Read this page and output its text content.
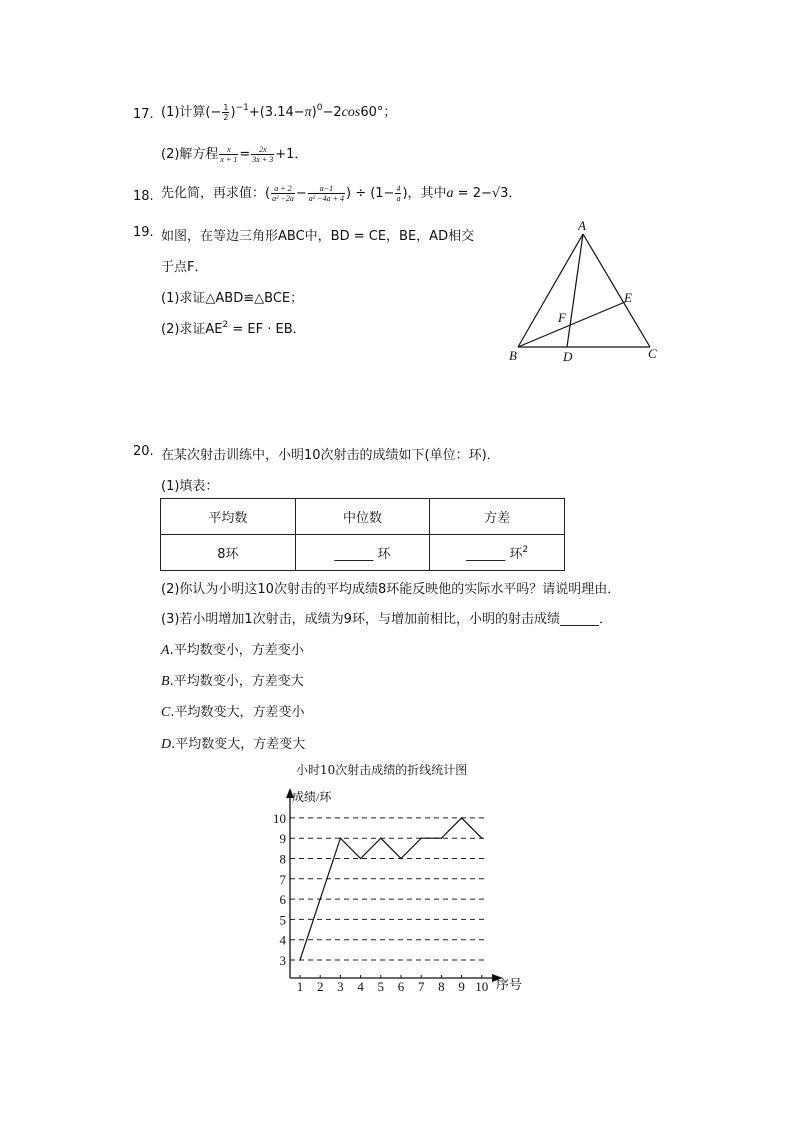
17. (1)计算(− $\frac{1}{2} )^{-1}+(3.14-\pi)^0-2\cos 60^\circ$；
(2)解方程 $\frac{x}{x + 1} = \frac{2x}{3x + 3} +1$．
18. 先化简，再求值：( $\frac{a + 2}{\text{a² −2a}} - \frac{a-1}{\text{a² −4a + 4}}$ ) ÷ ($1- \frac{4}{a}$ )，其中a = 2−√3．
19. 如图，在等边三角形ABC中，BD = CE，BE，AD相交
于点F．
(1)求证△ABD≌△BCE；
(2)求证$AE^2$ = EF · EB．
A
B	C
D
E
F
20. 在某次射击训练中，小明10次射击的成绩如下(单位：环)．
(1)填表：
平均数	中位数	方差
8环	______ 环	______ 环$^2$
(2)你认为小明这10次射击的平均成绩8环能反映他的实际水平吗？请说明理由．
(3)若小明增加1次射击，成绩为9环，与增加前相比，小明的射击成绩______．
A.平均数变小，方差变小
B.平均数变小，方差变大
C.平均数变大，方差变小
D.平均数变大，方差变大
小时10次射击成绩的折线统计图
3
4
5
6
7
8
9
10
1 2 3 4 5 6 7 8 9 10
成绩/环
序号
